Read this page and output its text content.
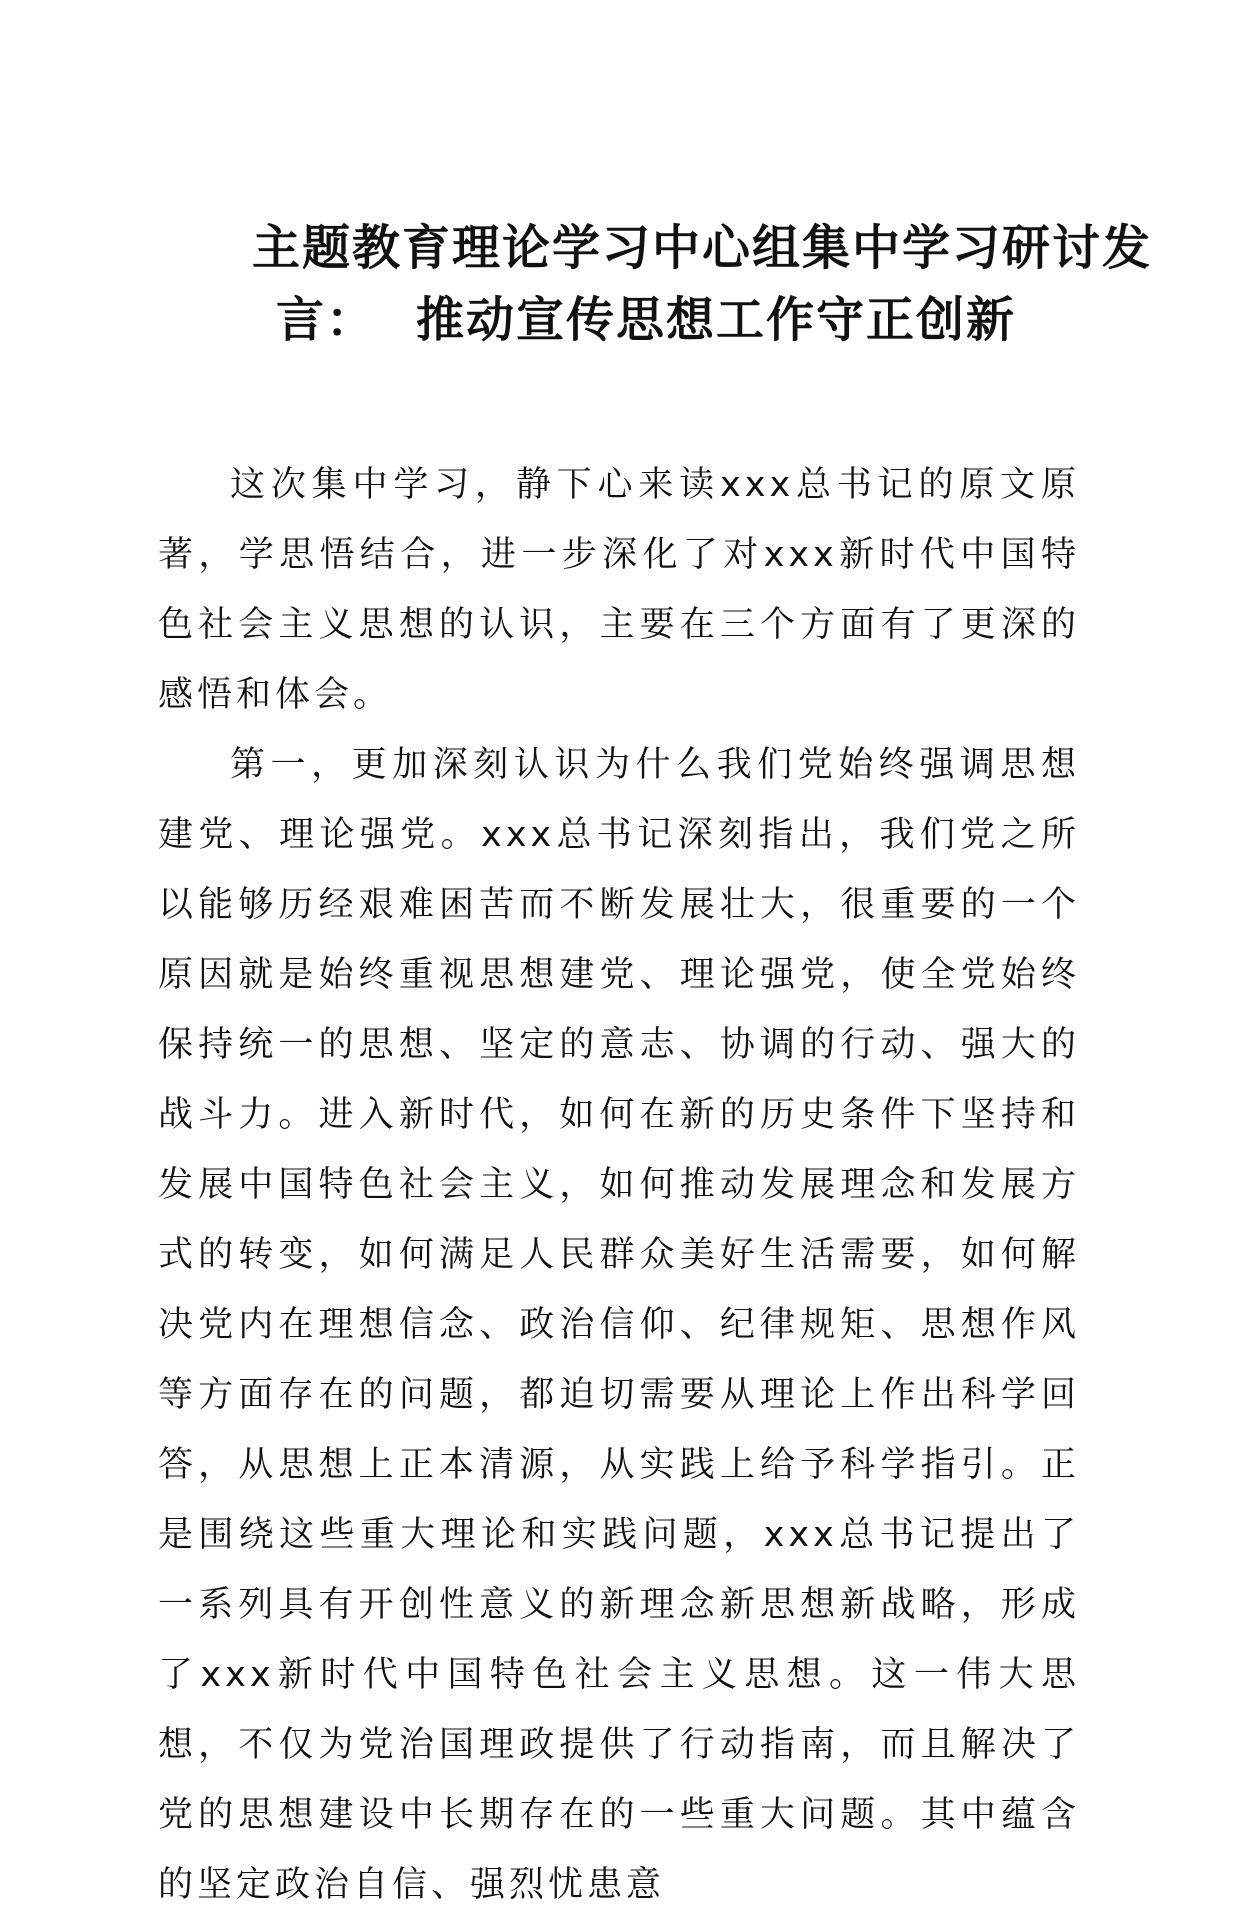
主题教育理论学习中心组集中学习研讨发
言： 推动宣传思想工作守正创新

这次集中学习，静下心来读xxx总书记的原文原著，学思悟结合，进一步深化了对xxx新时代中国特色社会主义思想的认识，主要在三个方面有了更深的感悟和体会。

第一，更加深刻认识为什么我们党始终强调思想建党、理论强党。xxx总书记深刻指出，我们党之所以能够历经艰难困苦而不断发展壮大，很重要的一个原因就是始终重视思想建党、理论强党，使全党始终保持统一的思想、坚定的意志、协调的行动、强大的战斗力。进入新时代，如何在新的历史条件下坚持和发展中国特色社会主义，如何推动发展理念和发展方式的转变，如何满足人民群众美好生活需要，如何解决党内在理想信念、政治信仰、纪律规矩、思想作风等方面存在的问题，都迫切需要从理论上作出科学回答，从思想上正本清源，从实践上给予科学指引。正是围绕这些重大理论和实践问题，xxx总书记提出了一系列具有开创性意义的新理念新思想新战略，形成了xxx新时代中国特色社会主义思想。这一伟大思想，不仅为党治国理政提供了行动指南，而且解决了党的思想建设中长期存在的一些重大问题。其中蕴含的坚定政治自信、强烈忧患意
